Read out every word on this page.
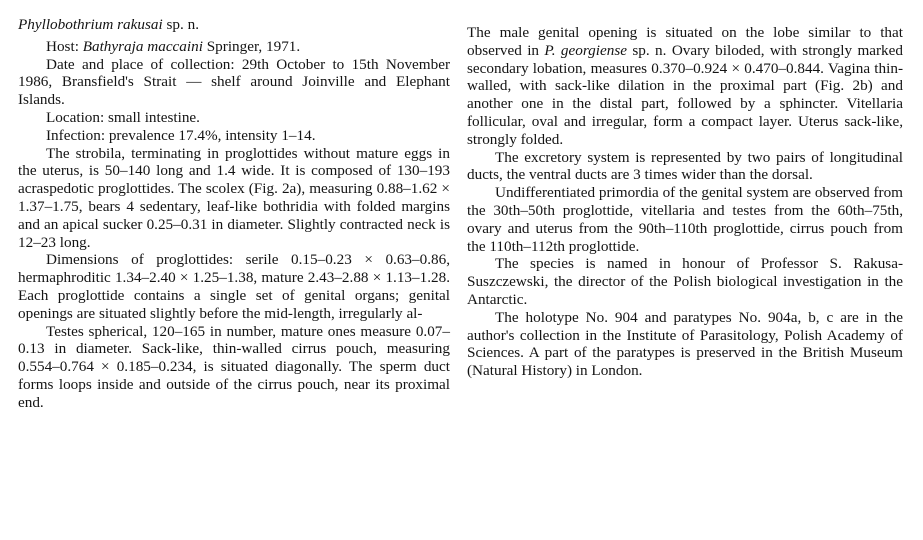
Phyllobothrium rakusai sp. n.

Host: Bathyraja maccaini Springer, 1971.

Date and place of collection: 29th October to 15th November 1986, Bransfield's Strait — shelf around Joinville and Elephant Islands.

Location: small intestine.

Infection: prevalence 17.4%, intensity 1–14.

The strobila, terminating in proglottides without mature eggs in the uterus, is 50–140 long and 1.4 wide. It is composed of 130–193 acraspedotic proglottides. The scolex (Fig. 2a), measuring 0.88–1.62 × 1.37–1.75, bears 4 sedentary, leaf-like bothridia with folded margins and an apical sucker 0.25–0.31 in diameter. Slightly contracted neck is 12–23 long.

Dimensions of proglottides: serile 0.15–0.23 × 0.63–0.86, hermaphroditic 1.34–2.40 × 1.25–1.38, mature 2.43–2.88 × 1.13–1.28. Each proglottide contains a single set of genital organs; genital openings are situated slightly before the mid-length, irregularly al-

Testes spherical, 120–165 in number, mature ones measure 0.07–0.13 in diameter. Sack-like, thin-walled cirrus pouch, measuring 0.554–0.764 × 0.185–0.234, is situated diagonally. The sperm duct forms loops inside and outside of the cirrus pouch, near its proximal end.

The male genital opening is situated on the lobe similar to that observed in P. georgiense sp. n. Ovary biloded, with strongly marked secondary lobation, measures 0.370–0.924 × 0.470–0.844. Vagina thin-walled, with sack-like dilation in the proximal part (Fig. 2b) and another one in the distal part, followed by a sphincter. Vitellaria follicular, oval and irregular, form a compact layer. Uterus sack-like, strongly folded.

The excretory system is represented by two pairs of longitudinal ducts, the ventral ducts are 3 times wider than the dorsal.

Undifferentiated primordia of the genital system are observed from the 30th–50th proglottide, vitellaria and testes from the 60th–75th, ovary and uterus from the 90th–110th proglottide, cirrus pouch from the 110th–112th proglottide.

The species is named in honour of Professor S. Rakusa-Suszczewski, the director of the Polish biological investigation in the Antarctic.

The holotype No. 904 and paratypes No. 904a, b, c are in the author's collection in the Institute of Parasitology, Polish Academy of Sciences. A part of the paratypes is preserved in the British Museum (Natural History) in London.
